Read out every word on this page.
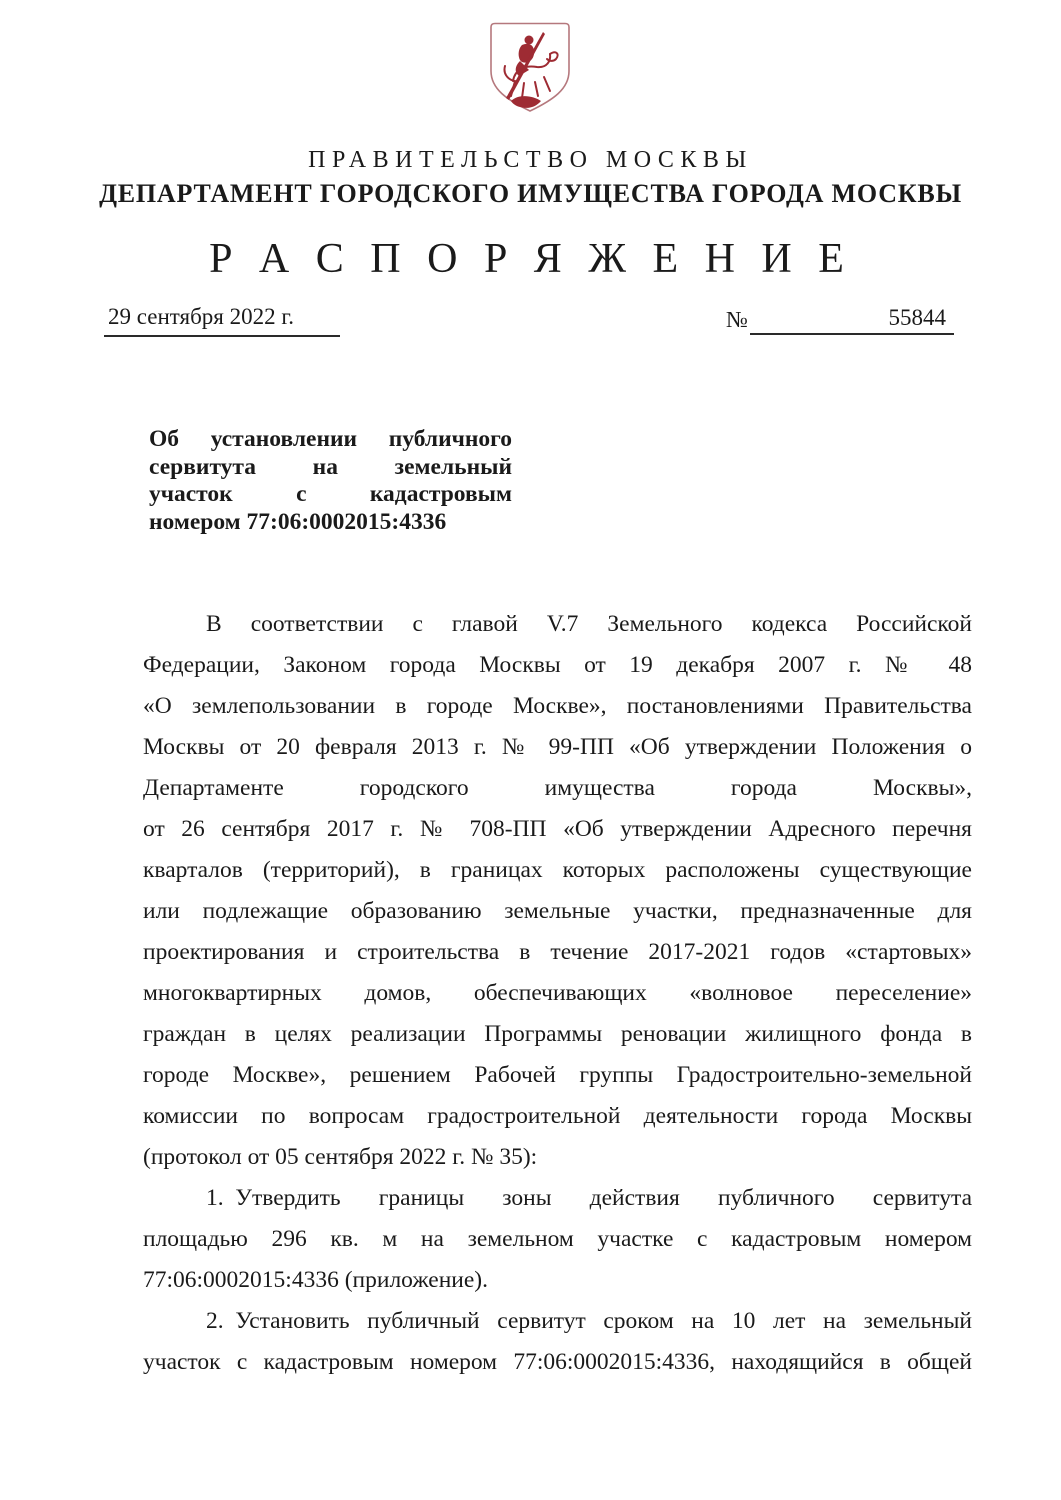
ПРАВИТЕЛЬСТВО МОСКВЫ
ДЕПАРТАМЕНТ ГОРОДСКОГО ИМУЩЕСТВА ГОРОДА МОСКВЫ
Р А С П О Р Я Ж Е Н И Е
29 сентября 2022 г.	№	55844
Об установлении публичного
сервитута на земельный
участок с кадастровым
номером 77:06:0002015:4336
В соответствии с главой V.7 Земельного кодекса Российской
Федерации, Законом города Москвы от 19 декабря 2007 г. № 48
«О землепользовании в городе Москве», постановлениями Правительства
Москвы от 20 февраля 2013 г. № 99-ПП «Об утверждении Положения о
Департаменте городского имущества города Москвы»,
от 26 сентября 2017 г. № 708-ПП «Об утверждении Адресного перечня
кварталов (территорий), в границах которых расположены существующие
или подлежащие образованию земельные участки, предназначенные для
проектирования и строительства в течение 2017-2021 годов «стартовых»
многоквартирных домов, обеспечивающих «волновое переселение»
граждан в целях реализации Программы реновации жилищного фонда в
городе Москве», решением Рабочей группы Градостроительно-земельной
комиссии по вопросам градостроительной деятельности города Москвы
(протокол от 05 сентября 2022 г. № 35):
1. Утвердить границы зоны действия публичного сервитута
площадью 296 кв. м на земельном участке с кадастровым номером
77:06:0002015:4336 (приложение).
2. Установить публичный сервитут сроком на 10 лет на земельный
участок с кадастровым номером 77:06:0002015:4336, находящийся в общей
